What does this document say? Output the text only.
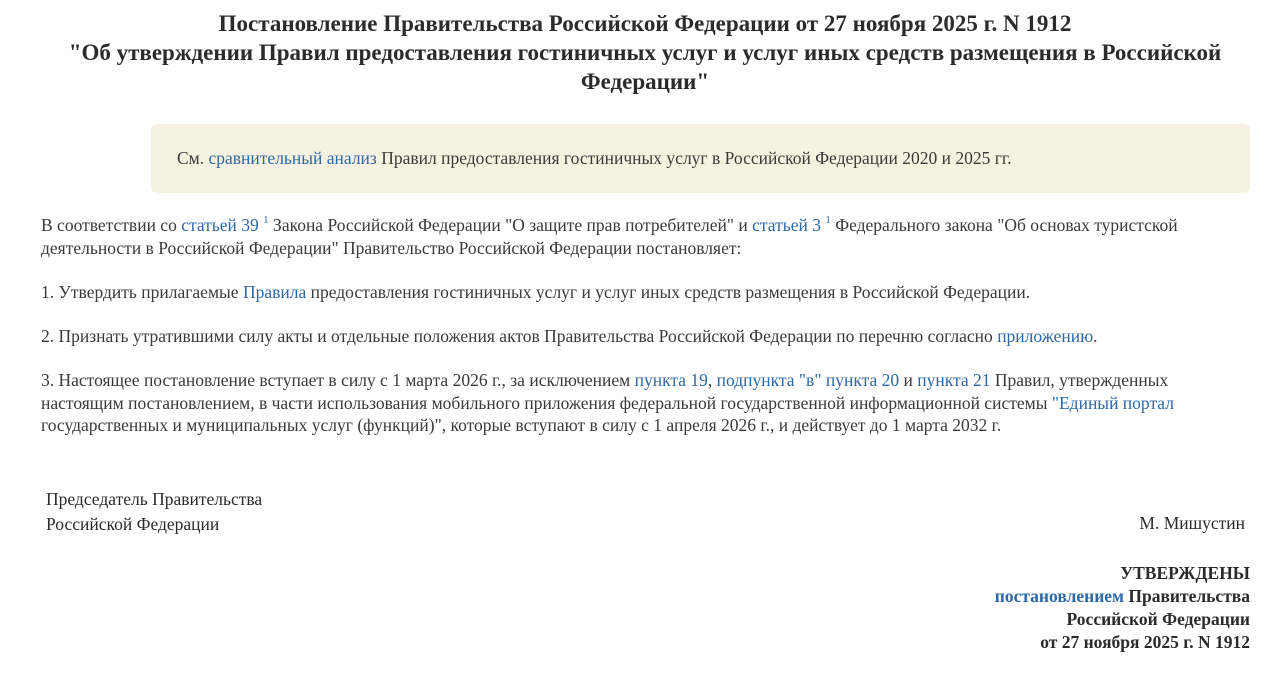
Постановление Правительства Российской Федерации от 27 ноября 2025 г. N 1912
"Об утверждении Правил предоставления гостиничных услуг и услуг иных средств размещения в Российской
Федерации"
См. сравнительный анализ Правил предоставления гостиничных услуг в Российской Федерации 2020 и 2025 гг.

В соответствии со статьей 39 $^1$ Закона Российской Федерации "О защите прав потребителей" и статьей 3 $^1$ Федерального закона "Об основах туристской деятельности в Российской Федерации" Правительство Российской Федерации постановляет:

1. Утвердить прилагаемые Правила предоставления гостиничных услуг и услуг иных средств размещения в Российской Федерации.

2. Признать утратившими силу акты и отдельные положения актов Правительства Российской Федерации по перечню согласно приложению.

3. Настоящее постановление вступает в силу с 1 марта 2026 г., за исключением пункта 19, подпункта "в" пункта 20 и пункта 21 Правил, утвержденных настоящим постановлением, в части использования мобильного приложения федеральной государственной информационной системы "Единый портал государственных и муниципальных услуг (функций)", которые вступают в силу с 1 апреля 2026 г., и действует до 1 марта 2032 г.

Председатель Правительства
Российской Федерации	М. Мишустин
УТВЕРЖДЕНЫ
постановлением Правительства
Российской Федерации
от 27 ноября 2025 г. N 1912
